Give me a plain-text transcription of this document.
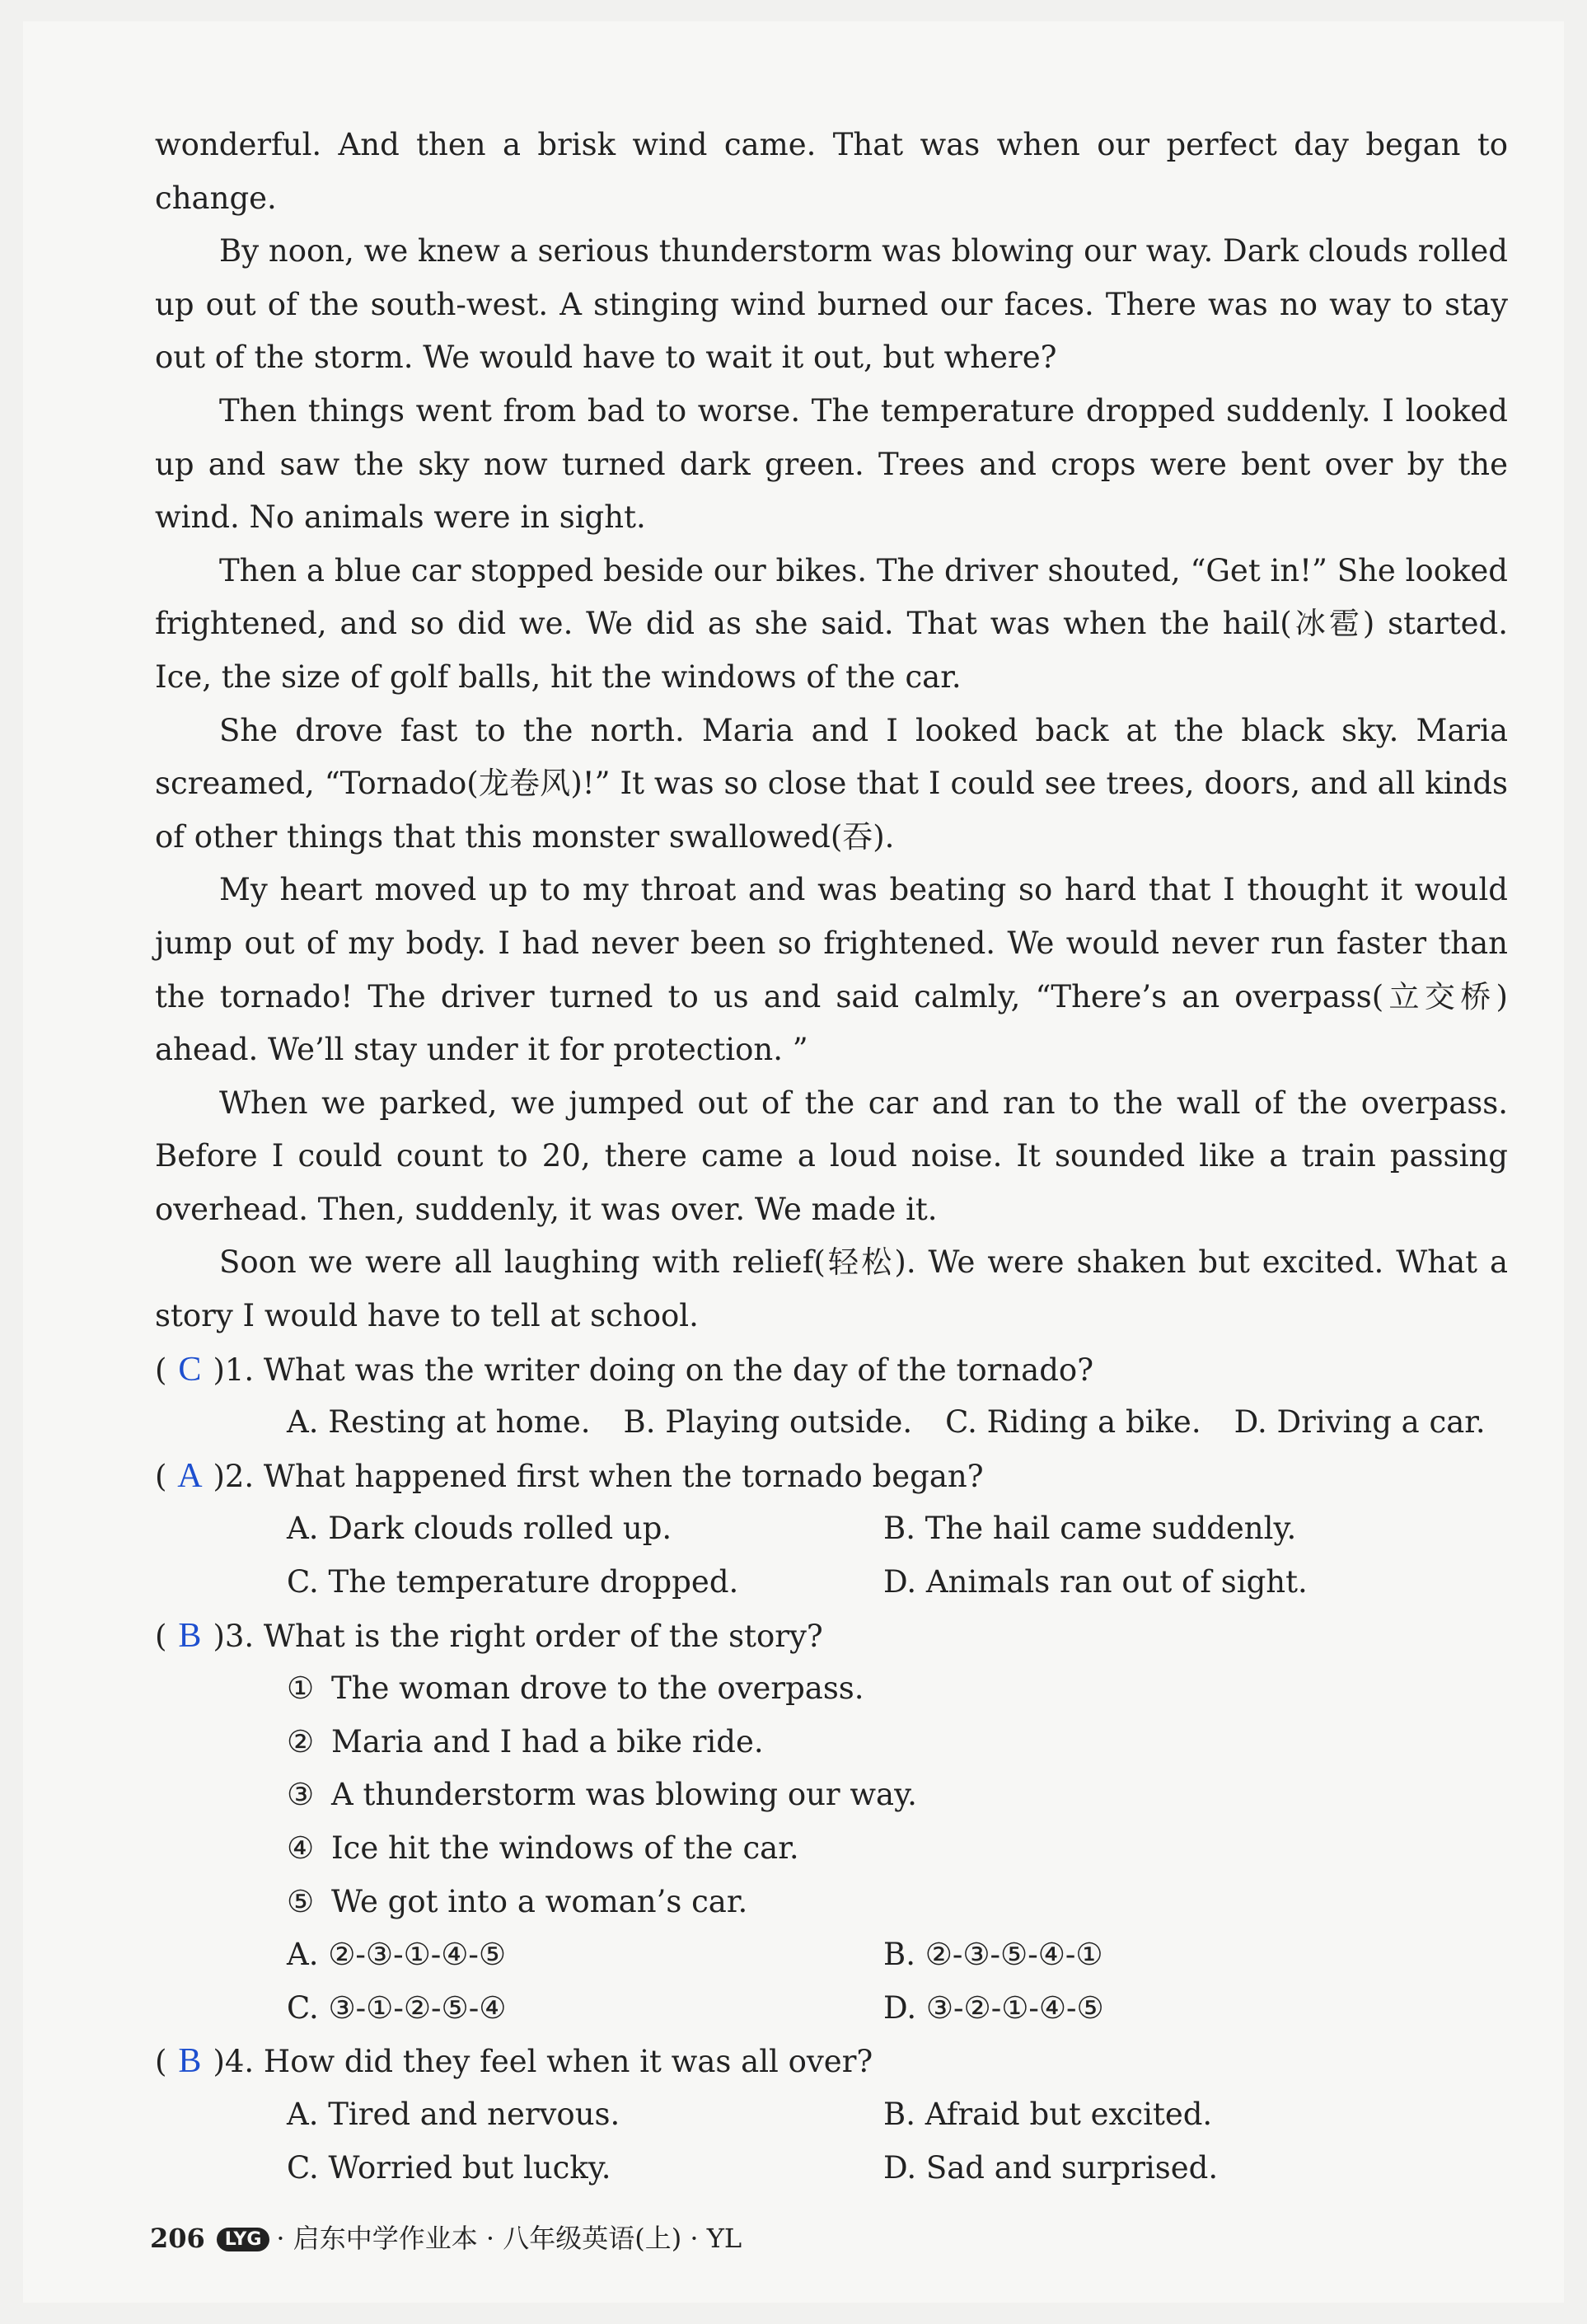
wonderful. And then a brisk wind came. That was when our perfect day began to change.

By noon, we knew a serious thunderstorm was blowing our way. Dark clouds rolled up out of the south-west. A stinging wind burned our faces. There was no way to stay out of the storm. We would have to wait it out, but where?

Then things went from bad to worse. The temperature dropped suddenly. I looked up and saw the sky now turned dark green. Trees and crops were bent over by the wind. No animals were in sight.

Then a blue car stopped beside our bikes. The driver shouted, “Get in!” She looked frightened, and so did we. We did as she said. That was when the hail(冰雹) started. Ice, the size of golf balls, hit the windows of the car.

She drove fast to the north. Maria and I looked back at the black sky. Maria screamed, “Tornado(龙卷风)!” It was so close that I could see trees, doors, and all kinds of other things that this monster swallowed(吞).

My heart moved up to my throat and was beating so hard that I thought it would jump out of my body. I had never been so frightened. We would never run faster than the tornado! The driver turned to us and said calmly, “There’s an overpass(立交桥) ahead. We’ll stay under it for protection. ”

When we parked, we jumped out of the car and ran to the wall of the overpass. Before I could count to 20, there came a loud noise. It sounded like a train passing overhead. Then, suddenly, it was over. We made it.

Soon we were all laughing with relief(轻松). We were shaken but excited. What a story I would have to tell at school.

( C )1. What was the writer doing on the day of the tornado?
A. Resting at home. B. Playing outside. C. Riding a bike. D. Driving a car.
( A )2. What happened first when the tornado began?
A. Dark clouds rolled up.	B. The hail came suddenly.
C. The temperature dropped.	D. Animals ran out of sight.
( B )3. What is the right order of the story?
① The woman drove to the overpass.
② Maria and I had a bike ride.
③ A thunderstorm was blowing our way.
④ Ice hit the windows of the car.
⑤ We got into a woman’s car.
A. ②-③-①-④-⑤	B. ②-③-⑤-④-①
C. ③-①-②-⑤-④	D. ③-②-①-④-⑤
( B )4. How did they feel when it was all over?
A. Tired and nervous.	B. Afraid but excited.
C. Worried but lucky.	D. Sad and surprised.
206 LYG · 启东中学作业本 · 八年级英语(上) · YL
